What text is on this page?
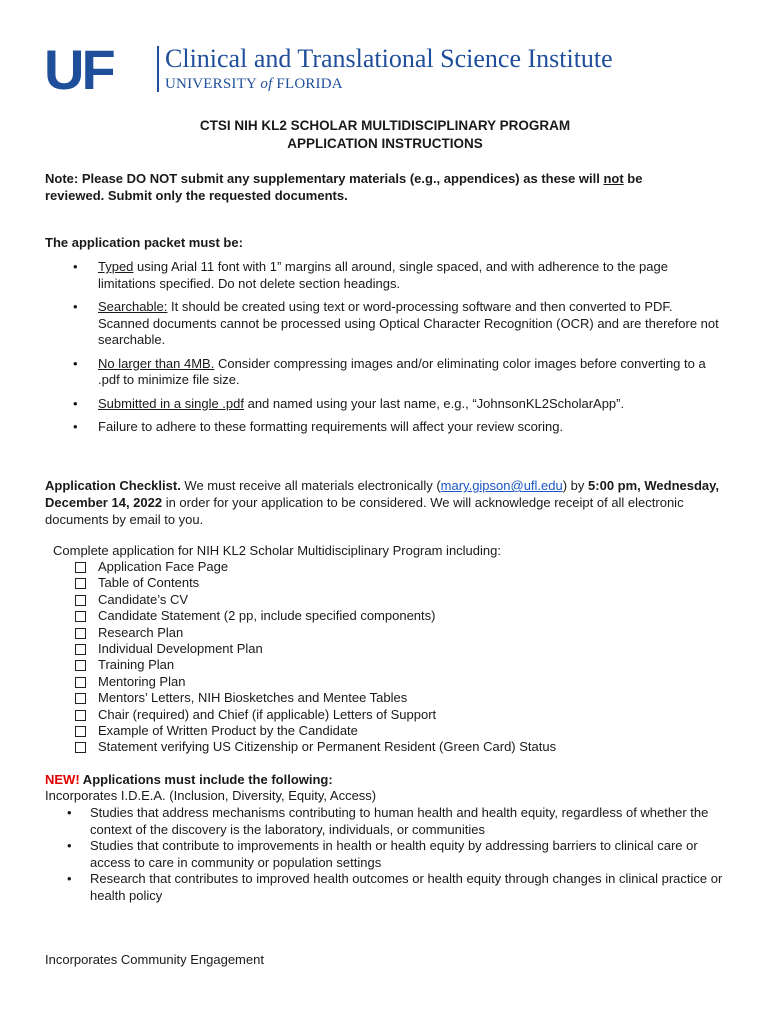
UF Clinical and Translational Science Institute
UNIVERSITY of FLORIDA
CTSI NIH KL2 SCHOLAR MULTIDISCIPLINARY PROGRAM
APPLICATION INSTRUCTIONS
Note: Please DO NOT submit any supplementary materials (e.g., appendices) as these will not be reviewed. Submit only the requested documents.
The application packet must be:
• Typed using Arial 11 font with 1” margins all around, single spaced, and with adherence to the page limitations specified. Do not delete section headings.
• Searchable: It should be created using text or word-processing software and then converted to PDF. Scanned documents cannot be processed using Optical Character Recognition (OCR) and are therefore not searchable.
• No larger than 4MB. Consider compressing images and/or eliminating color images before converting to a .pdf to minimize file size.
• Submitted in a single .pdf and named using your last name, e.g., “JohnsonKL2ScholarApp”.
• Failure to adhere to these formatting requirements will affect your review scoring.
Application Checklist. We must receive all materials electronically (mary.gipson@ufl.edu) by 5:00 pm, Wednesday, December 14, 2022 in order for your application to be considered. We will acknowledge receipt of all electronic documents by email to you.
Complete application for NIH KL2 Scholar Multidisciplinary Program including:
Application Face Page
Table of Contents
Candidate’s CV
Candidate Statement (2 pp, include specified components)
Research Plan
Individual Development Plan
Training Plan
Mentoring Plan
Mentors’ Letters, NIH Biosketches and Mentee Tables
Chair (required) and Chief (if applicable) Letters of Support
Example of Written Product by the Candidate
Statement verifying US Citizenship or Permanent Resident (Green Card) Status
NEW! Applications must include the following:
Incorporates I.D.E.A. (Inclusion, Diversity, Equity, Access)
• Studies that address mechanisms contributing to human health and health equity, regardless of whether the context of the discovery is the laboratory, individuals, or communities
• Studies that contribute to improvements in health or health equity by addressing barriers to clinical care or access to care in community or population settings
• Research that contributes to improved health outcomes or health equity through changes in clinical practice or health policy
Incorporates Community Engagement
